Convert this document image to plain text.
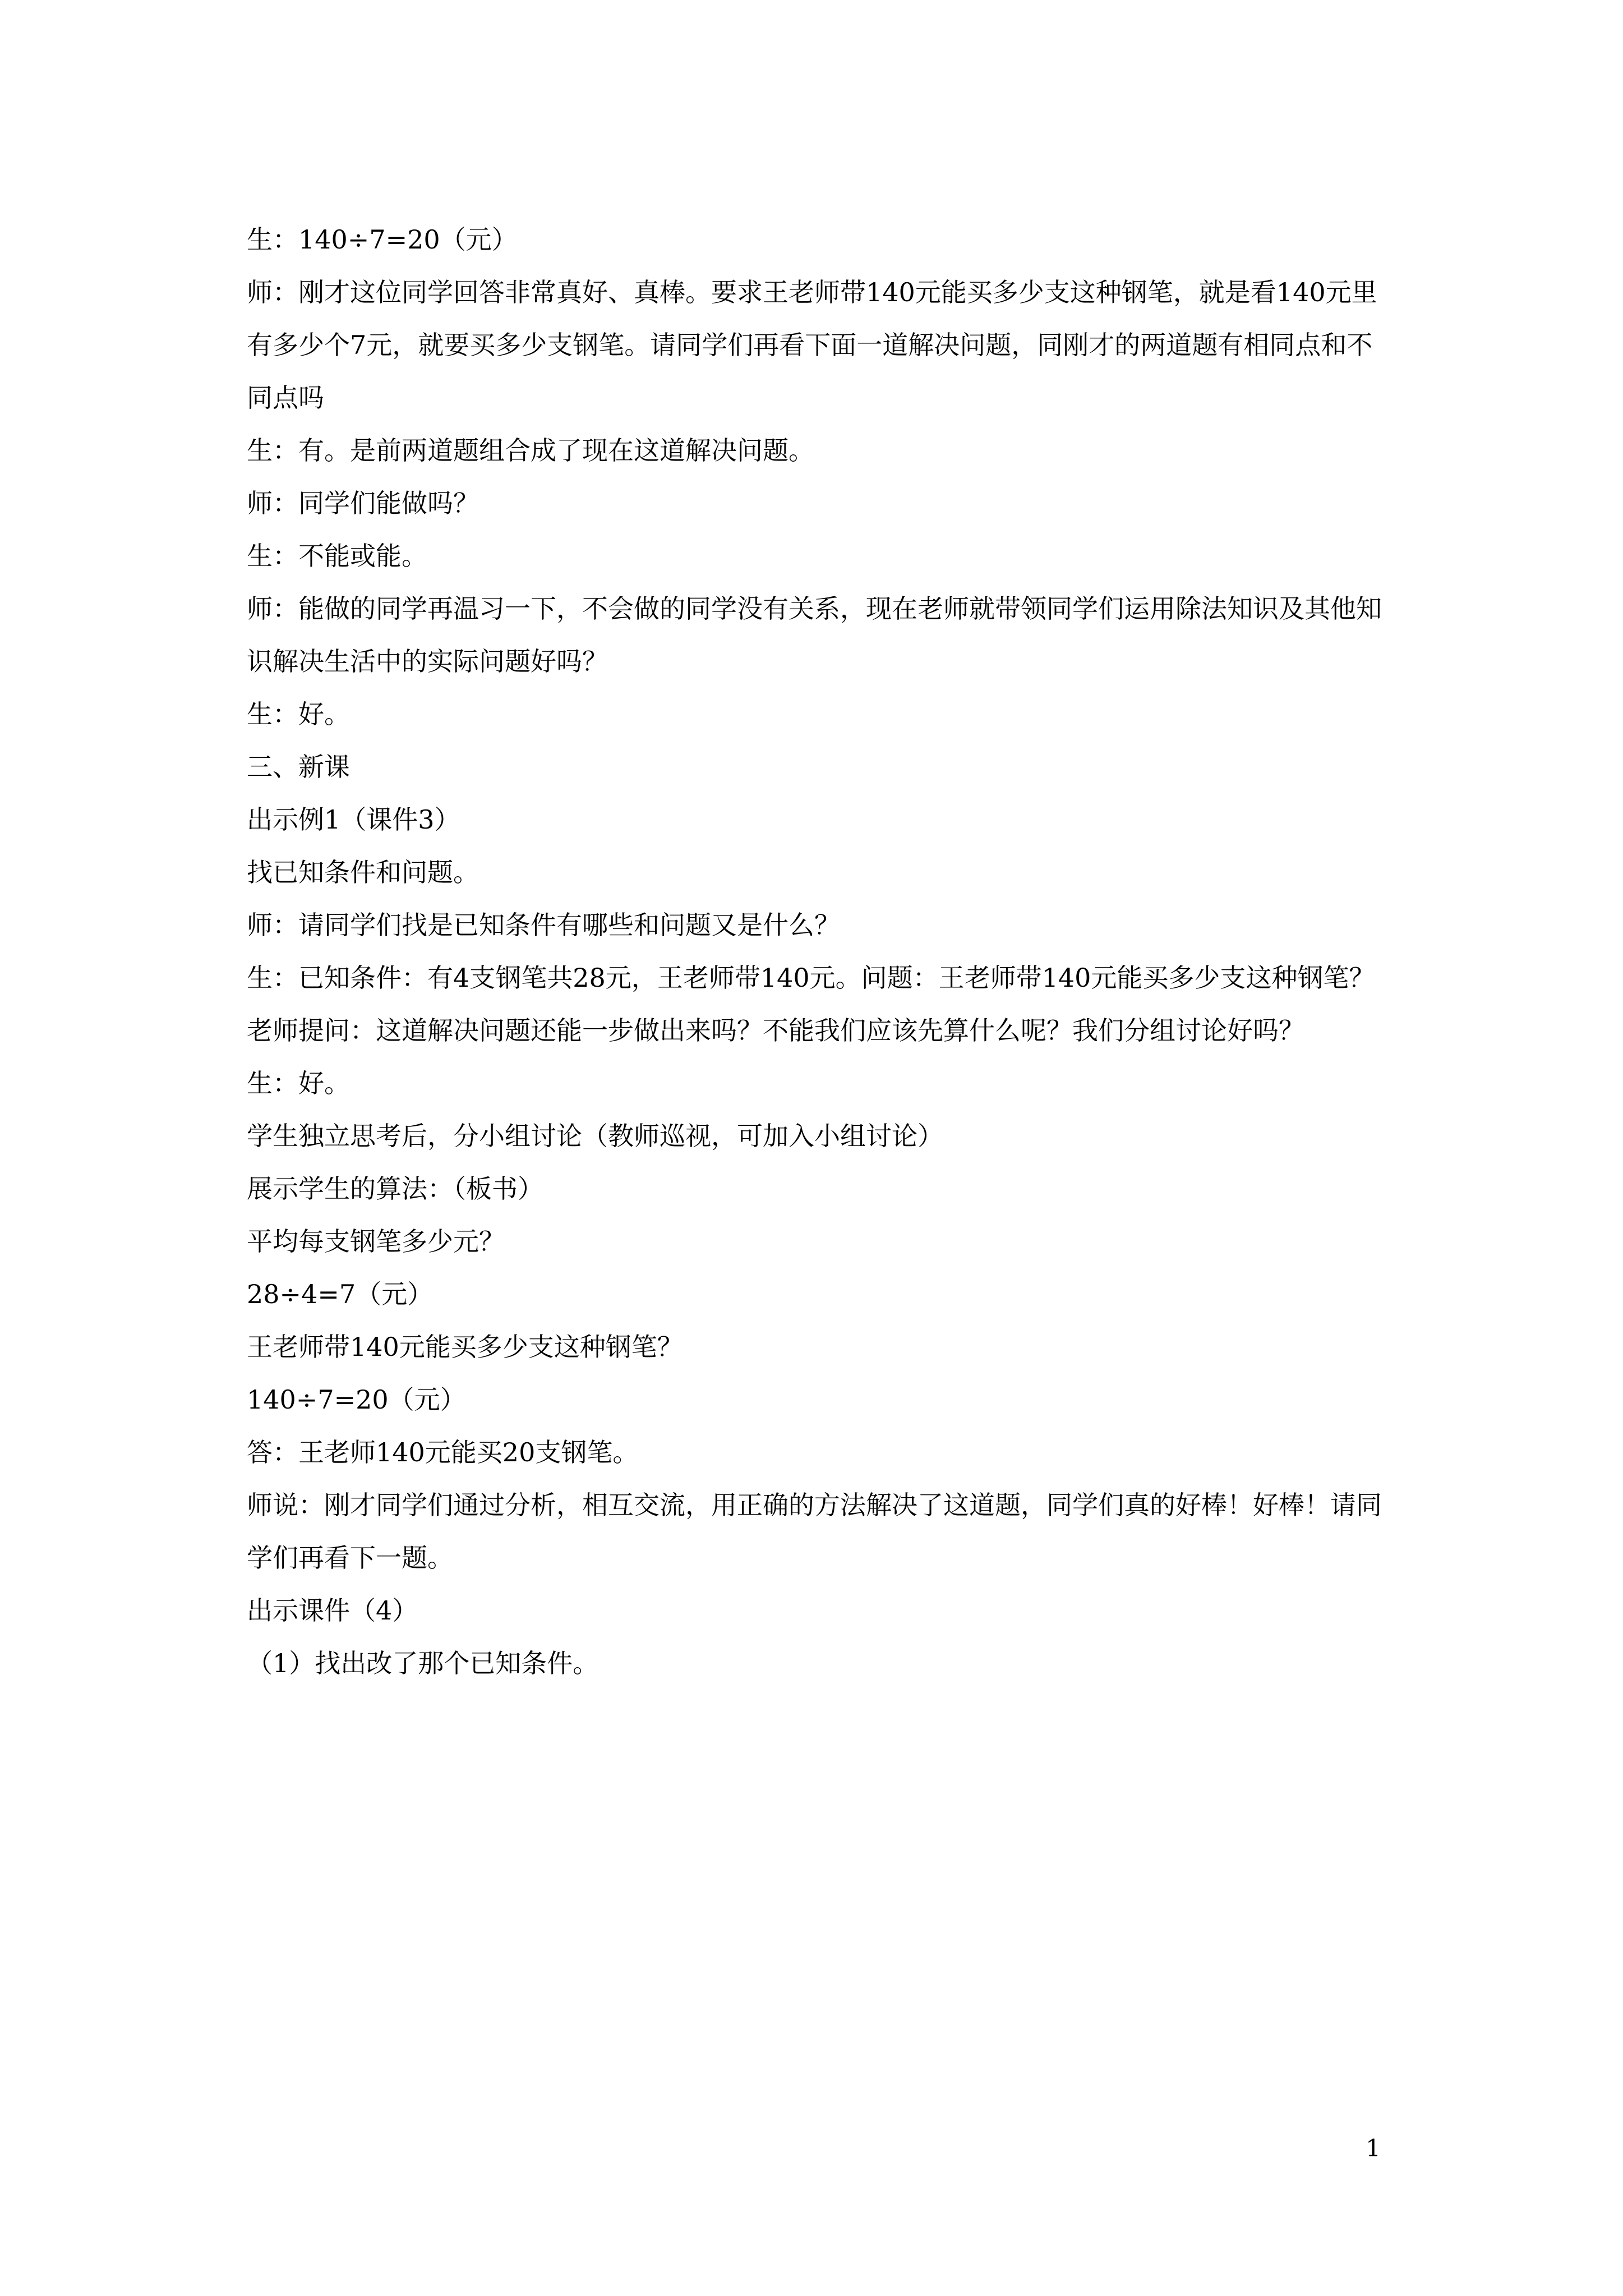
生：140÷7=20（元）

师：刚才这位同学回答非常真好、真棒。要求王老师带140元能买多少支这种钢笔，就是看140元里有多少个7元，就要买多少支钢笔。请同学们再看下面一道解决问题，同刚才的两道题有相同点和不同点吗

生：有。是前两道题组合成了现在这道解决问题。

师：同学们能做吗？

生：不能或能。

师：能做的同学再温习一下，不会做的同学没有关系，现在老师就带领同学们运用除法知识及其他知识解决生活中的实际问题好吗？

生：好。

三、新课

出示例1（课件3）

找已知条件和问题。

师：请同学们找是已知条件有哪些和问题又是什么？

生：已知条件：有4支钢笔共28元，王老师带140元。问题：王老师带140元能买多少支这种钢笔？

老师提问：这道解决问题还能一步做出来吗？不能我们应该先算什么呢？我们分组讨论好吗？

生：好。

学生独立思考后，分小组讨论（教师巡视，可加入小组讨论）

展示学生的算法：（板书）

平均每支钢笔多少元？

28÷4=7（元）

王老师带140元能买多少支这种钢笔？

140÷7=20（元）

答：王老师140元能买20支钢笔。

师说：刚才同学们通过分析，相互交流，用正确的方法解决了这道题，同学们真的好棒！好棒！请同学们再看下一题。

出示课件（4）

（1）找出改了那个已知条件。

1
